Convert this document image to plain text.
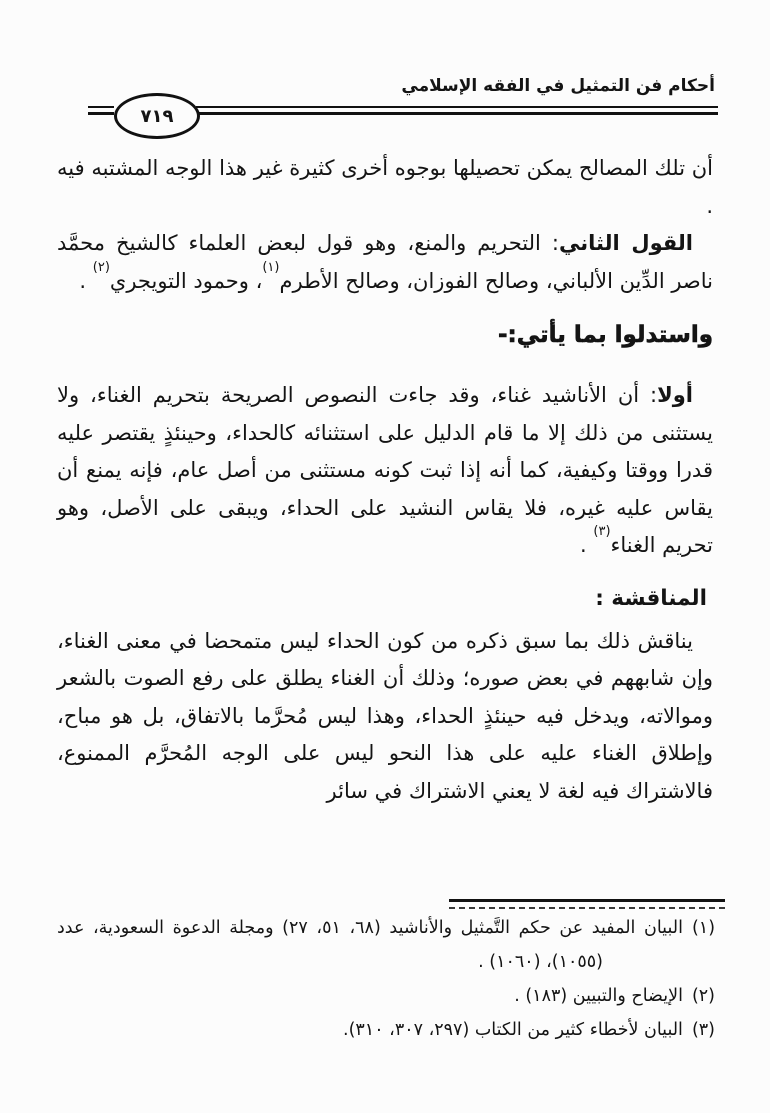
أحكام فن التمثيل في الفقه الإسلامي
٧١٩

أن تلك المصالح يمكن تحصيلها بوجوه أخرى كثيرة غير هذا الوجه المشتبه فيه .

القول الثاني: التحريم والمنع، وهو قول لبعض العلماء كالشيخ محمَّد ناصر الدِّين الألباني، وصالح الفوزان، وصالح الأطرم$^{(١)}$، وحمود التويجري$^{(٢)}$ .

واستدلوا بما يأتي:-

أولا: أن الأناشيد غناء، وقد جاءت النصوص الصريحة بتحريم الغناء، ولا يستثنى من ذلك إلا ما قام الدليل على استثنائه كالحداء، وحينئذٍ يقتصر عليه قدرا ووقتا وكيفية، كما أنه إذا ثبت كونه مستثنى من أصل عام، فإنه يمنع أن يقاس عليه غيره، فلا يقاس النشيد على الحداء، ويبقى على الأصل، وهو تحريم الغناء$^{(٣)}$ .

المناقشة :

يناقش ذلك بما سبق ذكره من كون الحداء ليس متمحضا في معنى الغناء، وإن شابههم في بعض صوره؛ وذلك أن الغناء يطلق على رفع الصوت بالشعر وموالاته، ويدخل فيه حينئذٍ الحداء، وهذا ليس مُحرَّما بالاتفاق، بل هو مباح، وإطلاق الغناء عليه على هذا النحو ليس على الوجه المُحرَّم الممنوع، فالاشتراك فيه لغة لا يعني الاشتراك في سائر

(١)البيان المفيد عن حكم التَّمثيل والأناشيد (٦٨، ٥١، ٢٧) ومجلة الدعوة السعودية، عدد (١٠٥٥)، (١٠٦٠) .

(٢)الإيضاح والتبيين (١٨٣) .

(٣)البيان لأخطاء كثير من الكتاب (٢٩٧، ٣٠٧، ٣١٠).
